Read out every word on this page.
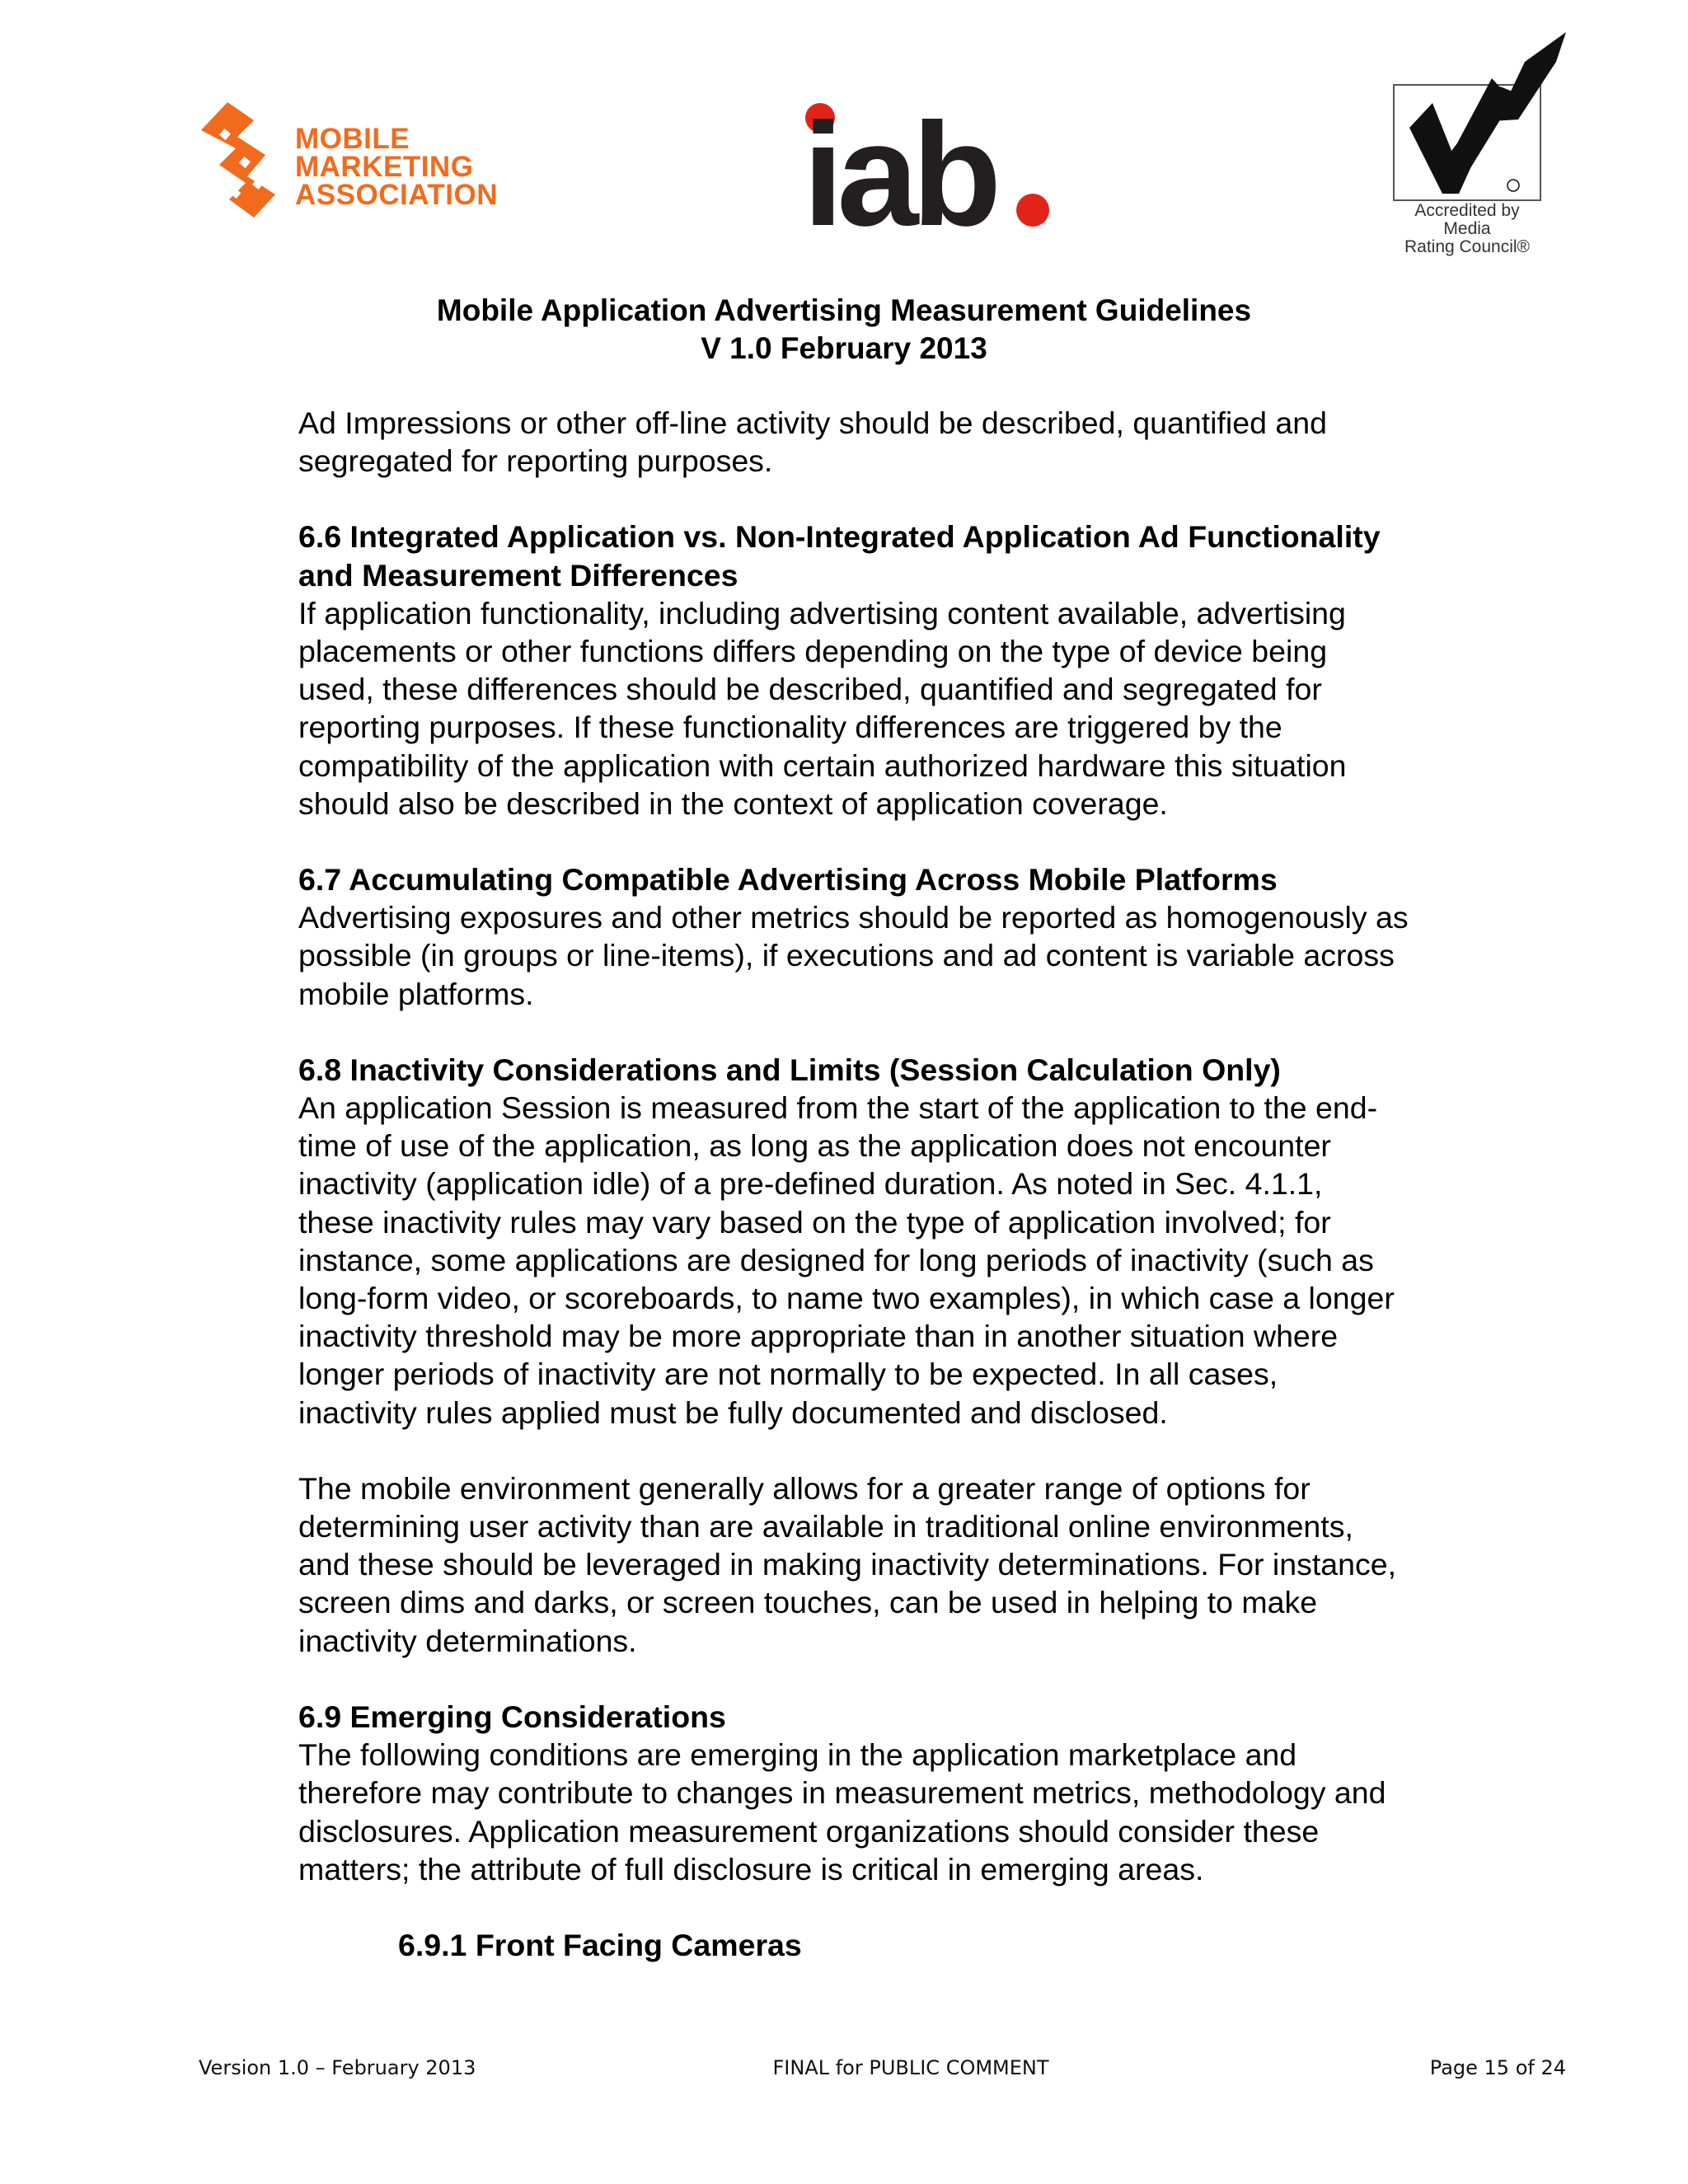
MOBILE
MARKETING
ASSOCIATION iab	Accredited by
Media
Rating Council®
Mobile Application Advertising Measurement Guidelines
V 1.0 February 2013

Ad Impressions or other off-line activity should be described, quantified and
segregated for reporting purposes.

6.6 Integrated Application vs. Non-Integrated Application Ad Functionality
and Measurement Differences
If application functionality, including advertising content available, advertising
placements or other functions differs depending on the type of device being
used, these differences should be described, quantified and segregated for
reporting purposes. If these functionality differences are triggered by the
compatibility of the application with certain authorized hardware this situation
should also be described in the context of application coverage.
6.7 Accumulating Compatible Advertising Across Mobile Platforms
Advertising exposures and other metrics should be reported as homogenously as
possible (in groups or line-items), if executions and ad content is variable across
mobile platforms.
6.8 Inactivity Considerations and Limits (Session Calculation Only)
An application Session is measured from the start of the application to the end-
time of use of the application, as long as the application does not encounter
inactivity (application idle) of a pre-defined duration. As noted in Sec. 4.1.1,
these inactivity rules may vary based on the type of application involved; for
instance, some applications are designed for long periods of inactivity (such as
long-form video, or scoreboards, to name two examples), in which case a longer
inactivity threshold may be more appropriate than in another situation where
longer periods of inactivity are not normally to be expected. In all cases,
inactivity rules applied must be fully documented and disclosed.

The mobile environment generally allows for a greater range of options for
determining user activity than are available in traditional online environments,
and these should be leveraged in making inactivity determinations. For instance,
screen dims and darks, or screen touches, can be used in helping to make
inactivity determinations.

6.9 Emerging Considerations
The following conditions are emerging in the application marketplace and
therefore may contribute to changes in measurement metrics, methodology and
disclosures. Application measurement organizations should consider these
matters; the attribute of full disclosure is critical in emerging areas.
6.9.1 Front Facing Cameras
Version 1.0 – February 2013	FINAL for PUBLIC COMMENT	Page 15 of 24
